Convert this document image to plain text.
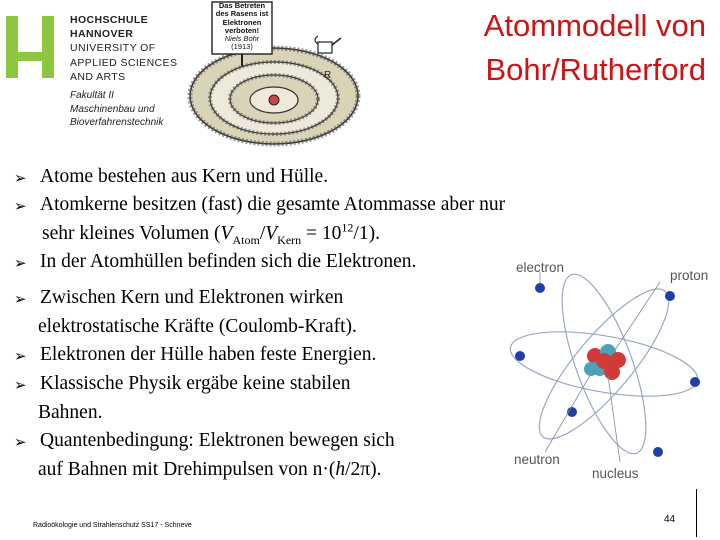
HOCHSCHULE
HANNOVER
UNIVERSITY OF
APPLIED SCIENCES
AND ARTS
Fakultät II
Maschinenbau und
Bioverfahrenstechnik
R
Das Betreten
des Rasens ist
Elektronen
verboten!
Niels Bohr
(1913)
Atommodell von Bohr/Rutherford
➢ Atome bestehen aus Kern und Hülle.
➢ Atomkerne besitzen (fast) die gesamte Atommasse aber nur
sehr kleines Volumen $(V_{Atom}/V_{Kern} = 10^{12}/1)$.
➢ In der Atomhüllen befinden sich die Elektronen.
➢ Zwischen Kern und Elektronen wirken
elektrostatische Kräfte (Coulomb-Kraft).
➢ Elektronen der Hülle haben feste Energien.
➢ Klassische Physik ergäbe keine stabilen
Bahnen.
➢ Quantenbedingung: Elektronen bewegen sich
auf Bahnen mit Drehimpulsen von n·(h/2π).
electron
proton
neutron
nucleus
Radioökologie und Strahlenschutz SS17 - Schneve
44
